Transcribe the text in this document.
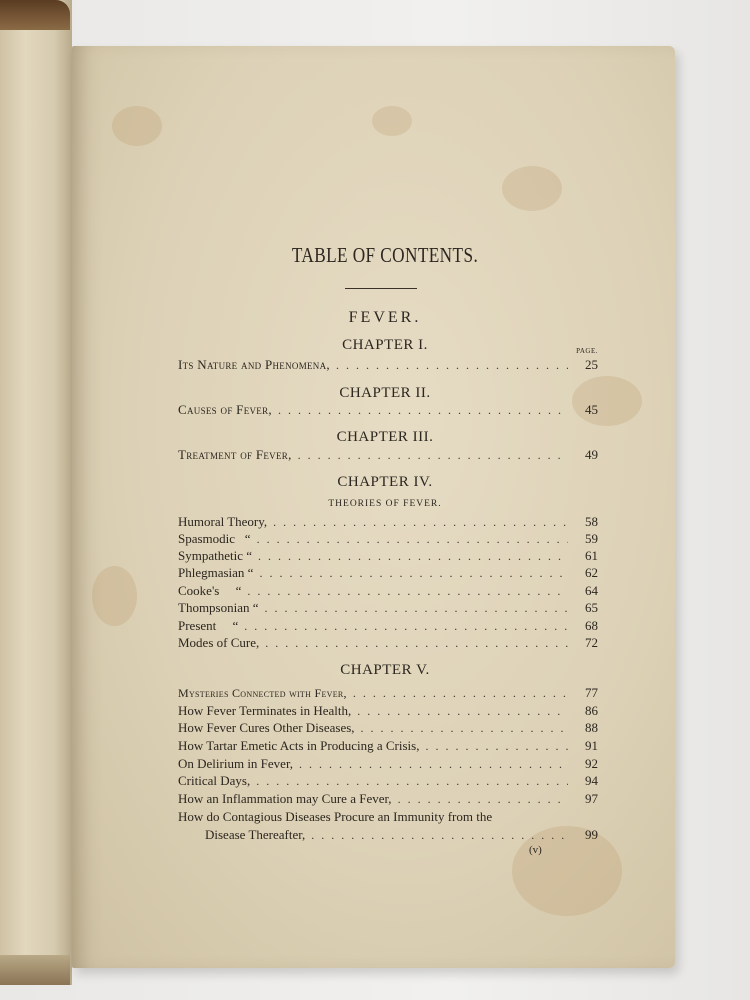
TABLE OF CONTENTS.
FEVER.
PAGE.
CHAPTER I.
Its Nature and Phenomena, . . .	25
CHAPTER II.
Causes of Fever, . . .	45
CHAPTER III.
Treatment of Fever, . . .	49
CHAPTER IV.
THEORIES OF FEVER.
Humoral Theory, . . .	58
Spasmodic   “ . . .	59
Sympathetic “ . . .	61
Phlegmasian “ . . .	62
Cooke's     “ . . .	64
Thompsonian “ . . .	65
Present     “ . . .	68
Modes of Cure, . . .	72
CHAPTER V.
Mysteries Connected with Fever, . . .	77
How Fever Terminates in Health, . . .	86
How Fever Cures Other Diseases, . . .	88
How Tartar Emetic Acts in Producing a Crisis, . . .	91
On Delirium in Fever, . . .	92
Critical Days, . . .	94
How an Inflammation may Cure a Fever, . . .	97
How do Contagious Diseases Procure an Immunity from the
Disease Thereafter, . . .	99
(v)
